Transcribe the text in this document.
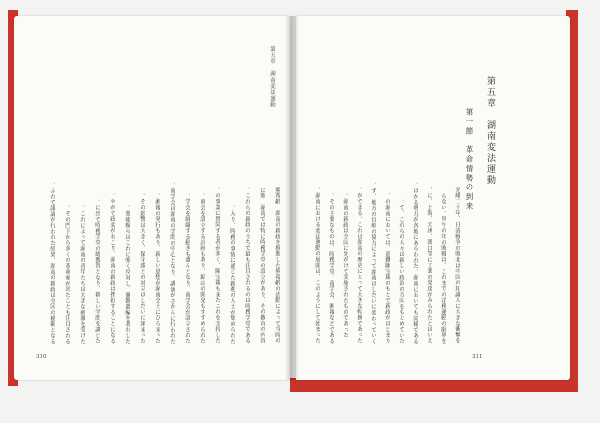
第五章　湖南変法運動
熊希齢　湖南の新政を推進した熊希齢の活動によって当時の
に熊　湖南では特に時務学堂の設立があり、その教育の内容
これらの新政のうちで最も注目されるのは時務学堂である。
入り、時務の事情に通じた新進の人士が集められた。
の事業に賛同する者が多く、陳宝箴もまたこれを支持した。
商会を設立する計画もあり、鉱山の開発もすすめられた。
学会を組織する動きも盛んとなり、南学会が設立された。
南学会は湖南の学問の中心となり、講演がさかんに行われた。
湘報の発行もあり、新しい思想が湖南全土にひろまった。
その影響は大きく、保守派との対立はしだいに深まった。
葉徳輝らはこれに強く反対し、翼教叢編を著わした。
やがて政変がおこり、湖南の新政は挫折することになる。
に出て時務学堂の総教習となり、新しい学問を講じた。
これによって湖南の青年たちは大きな刺激を受けた。
その門下から多くの革命家が出たことも注目される。
ふれて議論が行われた結果、湖南の新政は全国の模範となる。
310
第五章　湖南変法運動
第一節　革命情勢の到来
光緒二十年、日清戦争の敗北は中国の知識人に大きな衝撃を
らない。甲午の年の敗戦は、これまでの洋務運動の限界を
に、上海、天津、漢口等に工業の発達がみられたとはいえ、
はかる勢力が各地にあらわれた。湖南においても同様である。
て、これらの人々は新しい政治の方向をもとめていた。
の湖南においては、巡撫陳宝箴のもとで新政がはじまり、
ず、地方の官紳の協力によって湖南はしだいに変わっていく。
ができる。これは湖南の歴史にとって大きな転換であった。
　湖南の新政は全国に先がけて実施されたものであった。
その主要なものは、時務学堂、南学会、湘報などである。
湖南における変法運動の展開は、このようにして始まった。
311
